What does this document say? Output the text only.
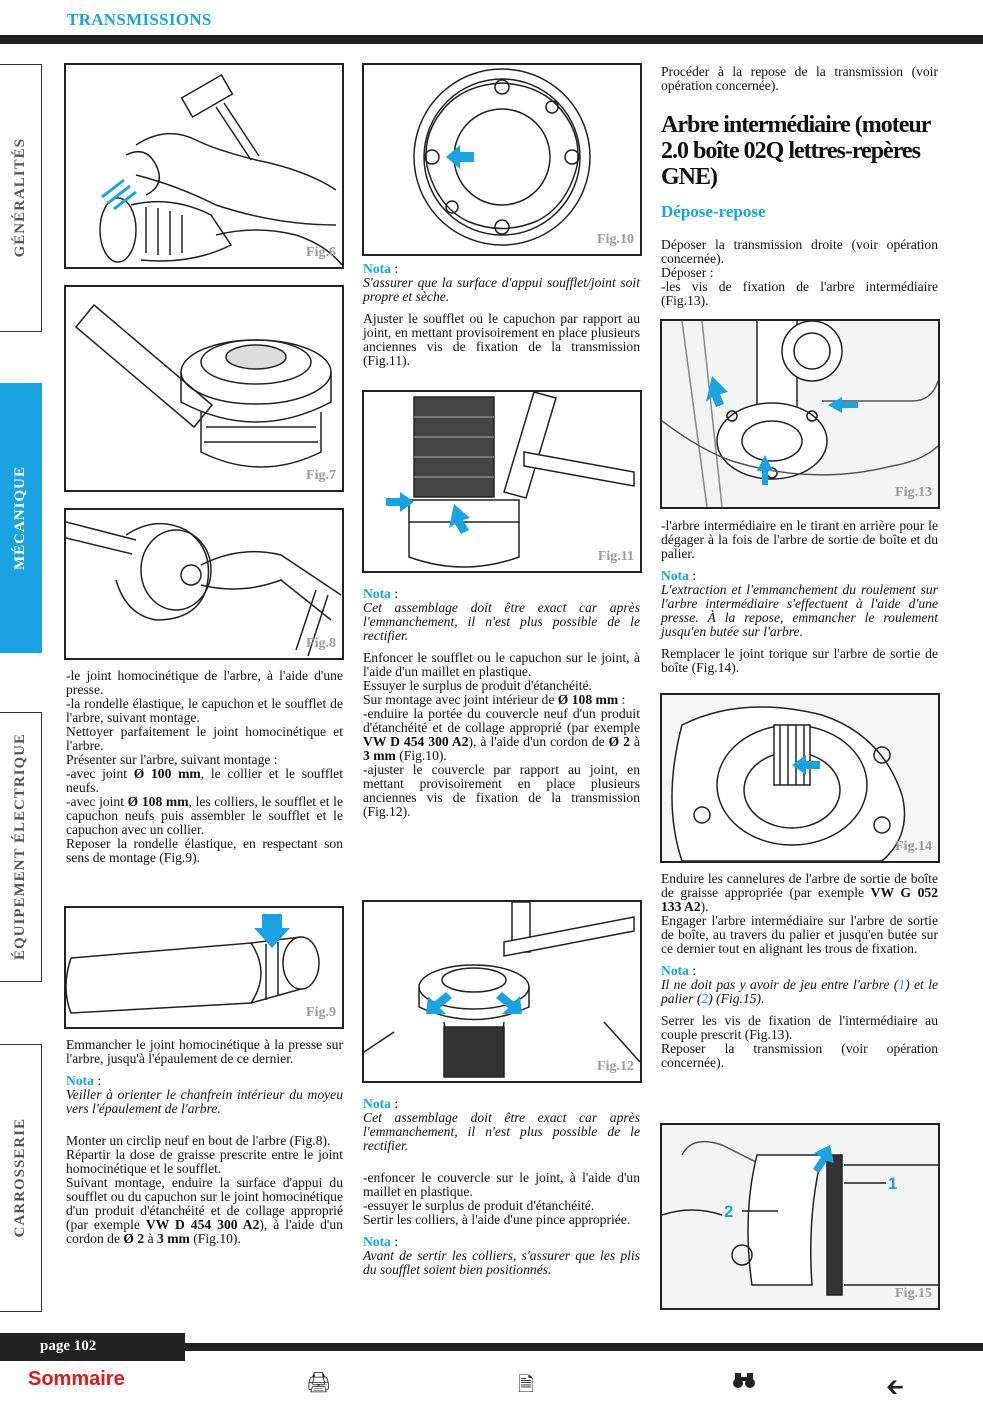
TRANSMISSIONS
GÉNÉRALITÉS
MÉCANIQUE
ÉQUIPEMENT ÉLECTRIQUE
CARROSSERIE
Fig.6
Fig.7
Fig.8

-le joint homocinétique de l'arbre, à l'aide d'une presse.

-la rondelle élastique, le capuchon et le soufflet de l'arbre, suivant montage.

Nettoyer parfaitement le joint homocinétique et l'arbre.

Présenter sur l'arbre, suivant montage :

-avec joint Ø 100 mm, le collier et le soufflet neufs.

-avec joint Ø 108 mm, les colliers, le soufflet et le capuchon neufs puis assembler le soufflet et le capuchon avec un collier.

Reposer la rondelle élastique, en respectant son sens de montage (Fig.9).

Fig.9

Emmancher le joint homocinétique à la presse sur l'arbre, jusqu'à l'épaulement de ce dernier.

Nota :

Veiller à orienter le chanfrein intérieur du moyeu vers l'épaulement de l'arbre.

Monter un circlip neuf en bout de l'arbre (Fig.8).

Répartir la dose de graisse prescrite entre le joint homocinétique et le soufflet.

Suivant montage, enduire la surface d'appui du soufflet ou du capuchon sur le joint homocinétique d'un produit d'étanchéité et de collage approprié (par exemple VW D 454 300 A2), à l'aide d'un cordon de Ø 2 à 3 mm (Fig.10).

Fig.10

Nota :

S'assurer que la surface d'appui soufflet/joint soit propre et sèche.

Ajuster le soufflet ou le capuchon par rapport au joint, en mettant provisoirement en place plusieurs anciennes vis de fixation de la transmission (Fig.11).

Fig.11

Nota :

Cet assemblage doit être exact car après l'emmanchement, il n'est plus possible de le rectifier.

Enfoncer le soufflet ou le capuchon sur le joint, à l'aide d'un maillet en plastique.

Essuyer le surplus de produit d'étanchéité.

Sur montage avec joint intérieur de Ø 108 mm :

-enduire la portée du couvercle neuf d'un produit d'étanchéité et de collage approprié (par exemple VW D 454 300 A2), à l'aide d'un cordon de Ø 2 à 3 mm (Fig.10).

-ajuster le couvercle par rapport au joint, en mettant provisoirement en place plusieurs anciennes vis de fixation de la transmission (Fig.12).

Fig.12

Nota :

Cet assemblage doit être exact car après l'emmanchement, il n'est plus possible de le rectifier.

-enfoncer le couvercle sur le joint, à l'aide d'un maillet en plastique.

-essuyer le surplus de produit d'étanchéité.

Sertir les colliers, à l'aide d'une pince appropriée.

Nota :

Avant de sertir les colliers, s'assurer que les plis du soufflet soient bien positionnés.

Procéder à la repose de la transmission (voir opération concernée).

Arbre intermédiaire (moteur 2.0 boîte 02Q lettres-repères GNE)
Dépose-repose

Déposer la transmission droite (voir opération concernée).

Déposer :

-les vis de fixation de l'arbre intermédiaire (Fig.13).

Fig.13

-l'arbre intermédiaire en le tirant en arrière pour le dégager à la fois de l'arbre de sortie de boîte et du palier.

Nota :

L'extraction et l'emmanchement du roulement sur l'arbre intermédiaire s'effectuent à l'aide d'une presse. À la repose, emmancher le roulement jusqu'en butée sur l'arbre.

Remplacer le joint torique sur l'arbre de sortie de boîte (Fig.14).

Fig.14

Enduire les cannelures de l'arbre de sortie de boîte de graisse appropriée (par exemple VW G 052 133 A2).

Engager l'arbre intermédiaire sur l'arbre de sortie de boîte, au travers du palier et jusqu'en butée sur ce dernier tout en alignant les trous de fixation.

Nota :

Il ne doit pas y avoir de jeu entre l'arbre (1) et le palier (2) (Fig.15).

Serrer les vis de fixation de l'intermédiaire au couple prescrit (Fig.13).

Reposer la transmission (voir opération concernée).

1
2
Fig.15
page 102
Sommaire	🖨	🗎	🡰
